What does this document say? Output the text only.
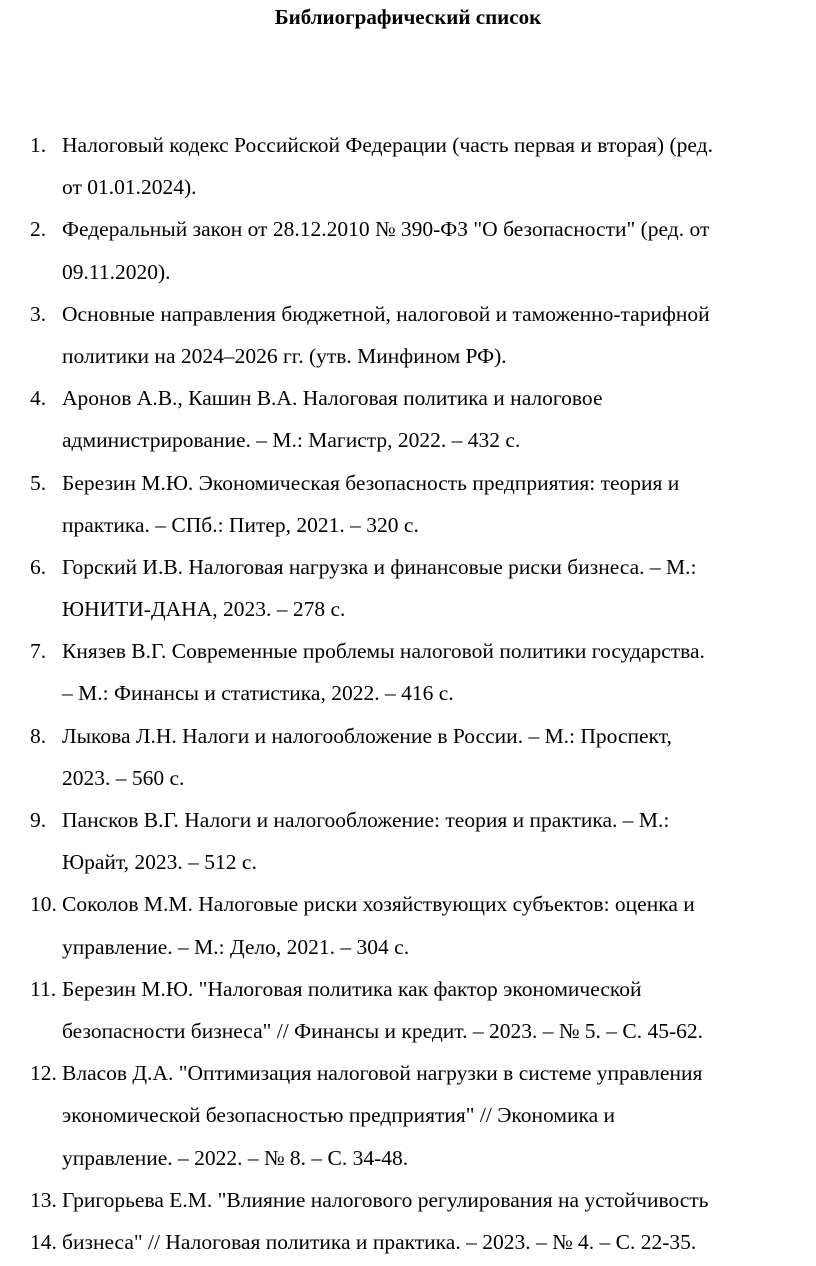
Библиографический список
1. Налоговый кодекс Российской Федерации (часть первая и вторая) (ред.
от 01.01.2024).
2. Федеральный закон от 28.12.2010 № 390-ФЗ "О безопасности" (ред. от
09.11.2020).
3. Основные направления бюджетной, налоговой и таможенно-тарифной
политики на 2024–2026 гг. (утв. Минфином РФ).
4. Аронов А.В., Кашин В.А. Налоговая политика и налоговое
администрирование. – М.: Магистр, 2022. – 432 с.
5. Березин М.Ю. Экономическая безопасность предприятия: теория и
практика. – СПб.: Питер, 2021. – 320 с.
6. Горский И.В. Налоговая нагрузка и финансовые риски бизнеса. – М.:
ЮНИТИ-ДАНА, 2023. – 278 с.
7. Князев В.Г. Современные проблемы налоговой политики государства.
– М.: Финансы и статистика, 2022. – 416 с.
8. Лыкова Л.Н. Налоги и налогообложение в России. – М.: Проспект,
2023. – 560 с.
9. Пансков В.Г. Налоги и налогообложение: теория и практика. – М.:
Юрайт, 2023. – 512 с.
10. Соколов М.М. Налоговые риски хозяйствующих субъектов: оценка и
управление. – М.: Дело, 2021. – 304 с.
11. Березин М.Ю. "Налоговая политика как фактор экономической
безопасности бизнеса" // Финансы и кредит. – 2023. – № 5. – С. 45-62.
12. Власов Д.А. "Оптимизация налоговой нагрузки в системе управления
экономической безопасностью предприятия" // Экономика и
управление. – 2022. – № 8. – С. 34-48.
13. Григорьева Е.М. "Влияние налогового регулирования на устойчивость
14. бизнеса" // Налоговая политика и практика. – 2023. – № 4. – С. 22-35.
